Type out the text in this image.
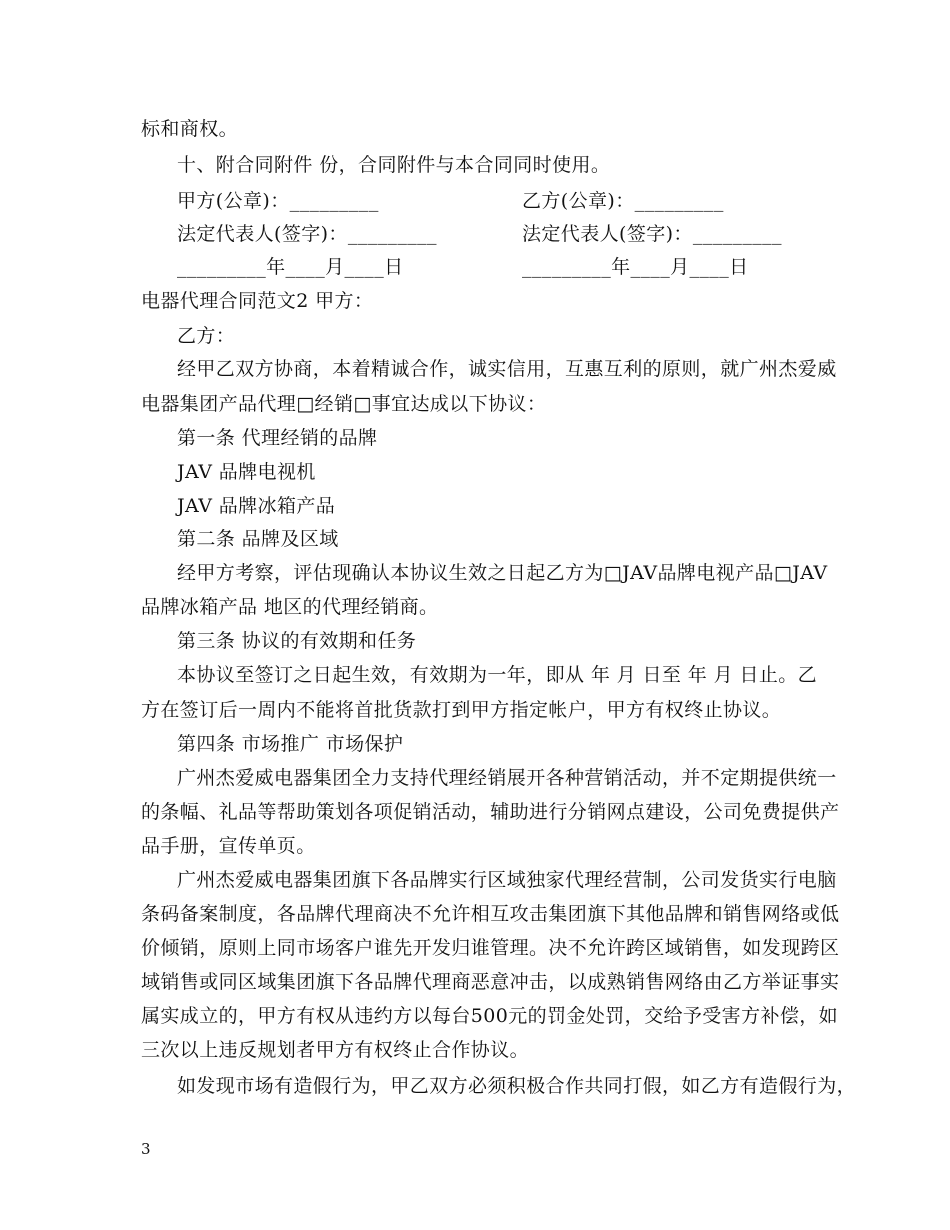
标和商权。
十、附合同附件 份，合同附件与本合同同时使用。
甲方(公章)：_________	乙方(公章)：_________
法定代表人(签字)：_________	法定代表人(签字)：_________
_________年____月____日	_________年____月____日
电器代理合同范文2 甲方：
乙方：
经甲乙双方协商，本着精诚合作，诚实信用，互惠互利的原则，就广州杰爱威
电器集团产品代理□经销□事宜达成以下协议：
第一条 代理经销的品牌
JAV 品牌电视机
JAV 品牌冰箱产品
第二条 品牌及区域
经甲方考察，评估现确认本协议生效之日起乙方为□JAV品牌电视产品□JAV
品牌冰箱产品 地区的代理经销商。
第三条 协议的有效期和任务
本协议至签订之日起生效，有效期为一年，即从 年 月 日至 年 月 日止。乙
方在签订后一周内不能将首批货款打到甲方指定帐户，甲方有权终止协议。
第四条 市场推广 市场保护
广州杰爱威电器集团全力支持代理经销展开各种营销活动，并不定期提供统一
的条幅、礼品等帮助策划各项促销活动，辅助进行分销网点建设，公司免费提供产
品手册，宣传单页。
广州杰爱威电器集团旗下各品牌实行区域独家代理经营制，公司发货实行电脑
条码备案制度，各品牌代理商决不允许相互攻击集团旗下其他品牌和销售网络或低
价倾销，原则上同市场客户谁先开发归谁管理。决不允许跨区域销售，如发现跨区
域销售或同区域集团旗下各品牌代理商恶意冲击，以成熟销售网络由乙方举证事实
属实成立的，甲方有权从违约方以每台500元的罚金处罚，交给予受害方补偿，如
三次以上违反规划者甲方有权终止合作协议。
如发现市场有造假行为，甲乙双方必须积极合作共同打假，如乙方有造假行为，
3
